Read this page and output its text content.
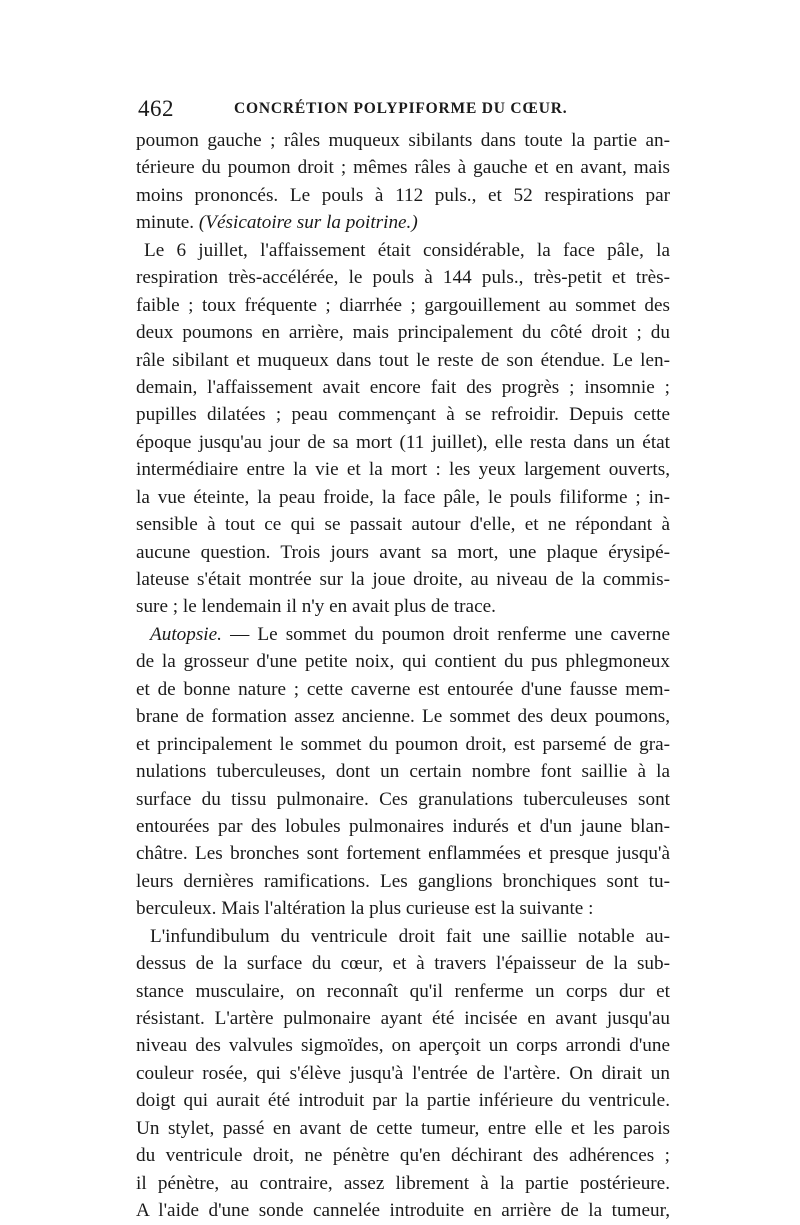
462	CONCRÉTION POLYPIFORME DU CŒUR.
poumon gauche ; râles muqueux sibilants dans toute la partie an-
térieure du poumon droit ; mêmes râles à gauche et en avant, mais
moins prononcés. Le pouls à 112 puls., et 52 respirations par
minute. (Vésicatoire sur la poitrine.)
Le 6 juillet, l'affaissement était considérable, la face pâle, la
respiration très-accélérée, le pouls à 144 puls., très-petit et très-
faible ; toux fréquente ; diarrhée ; gargouillement au sommet des
deux poumons en arrière, mais principalement du côté droit ; du
râle sibilant et muqueux dans tout le reste de son étendue. Le len-
demain, l'affaissement avait encore fait des progrès ; insomnie ;
pupilles dilatées ; peau commençant à se refroidir. Depuis cette
époque jusqu'au jour de sa mort (11 juillet), elle resta dans un état
intermédiaire entre la vie et la mort : les yeux largement ouverts,
la vue éteinte, la peau froide, la face pâle, le pouls filiforme ; in-
sensible à tout ce qui se passait autour d'elle, et ne répondant à
aucune question. Trois jours avant sa mort, une plaque érysipé-
lateuse s'était montrée sur la joue droite, au niveau de la commis-
sure ; le lendemain il n'y en avait plus de trace.
Autopsie. — Le sommet du poumon droit renferme une caverne
de la grosseur d'une petite noix, qui contient du pus phlegmoneux
et de bonne nature ; cette caverne est entourée d'une fausse mem-
brane de formation assez ancienne. Le sommet des deux poumons,
et principalement le sommet du poumon droit, est parsemé de gra-
nulations tuberculeuses, dont un certain nombre font saillie à la
surface du tissu pulmonaire. Ces granulations tuberculeuses sont
entourées par des lobules pulmonaires indurés et d'un jaune blan-
châtre. Les bronches sont fortement enflammées et presque jusqu'à
leurs dernières ramifications. Les ganglions bronchiques sont tu-
berculeux. Mais l'altération la plus curieuse est la suivante :
L'infundibulum du ventricule droit fait une saillie notable au-
dessus de la surface du cœur, et à travers l'épaisseur de la sub-
stance musculaire, on reconnaît qu'il renferme un corps dur et
résistant. L'artère pulmonaire ayant été incisée en avant jusqu'au
niveau des valvules sigmoïdes, on aperçoit un corps arrondi d'une
couleur rosée, qui s'élève jusqu'à l'entrée de l'artère. On dirait un
doigt qui aurait été introduit par la partie inférieure du ventricule.
Un stylet, passé en avant de cette tumeur, entre elle et les parois
du ventricule droit, ne pénètre qu'en déchirant des adhérences ;
il pénètre, au contraire, assez librement à la partie postérieure.
A l'aide d'une sonde cannelée introduite en arrière de la tumeur,
